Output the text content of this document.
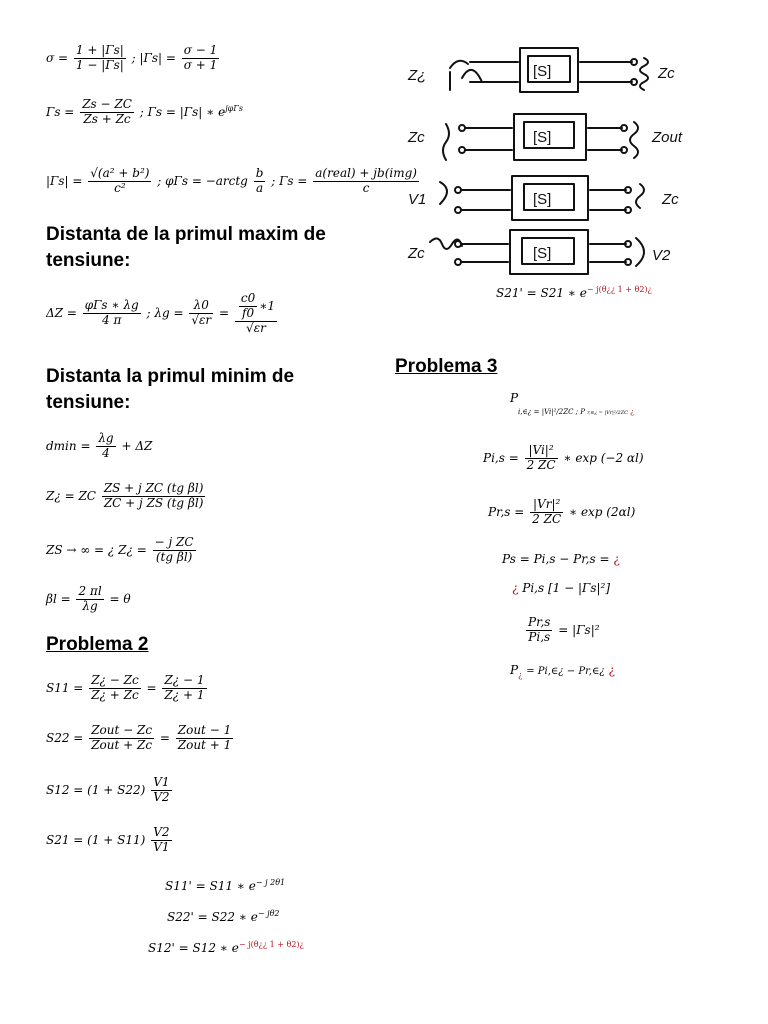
$\sigma = \frac{1 + |\Gamma s|}{1 - |\Gamma s|}$ ; $|\Gamma s| = \frac{\sigma - 1}{\sigma + 1}$
$\Gamma s = \frac{Zs - ZC}{Zs + Zc}$ ; Γs = |Γs| ∗ $e^{j\varphi\Gamma s}$
$|\Gamma s| = \frac{\text{√(a² + b²)}}{\text{c²}}$ ; φΓs = −arctg $\frac{b}{a}$ ; $\Gamma s = \frac{\text{a(real) + jb(img)}}{c}$
Distanta de la primul maxim de tensiune:
$\Delta Z = \frac{\text{φΓs ∗ λg}}{4 \pi}$ ; $\lambda g = \frac{\lambda 0}{√\varepsilon r} = \frac{\frac{c0}{f0} ∗1}{√\varepsilon r}$
Distanta la primul minim de tensiune:
$dmin = \frac{\lambda g}{4} + \Delta Z$
Z¿ = ZC $\frac{\text{ZS + j ZC (tg βl)}}{\text{ZC + j ZS (tg βl)}}$
ZS → ∞ = ¿ Z¿ = $\frac{\text{− j ZC}}{\text{(tg βl)}}$
$\beta l = \frac{2 \pi l}{\lambda g} = \theta$
Problema 2
$S11 = \frac{Z¿ - Zc}{Z¿ + Zc} = \frac{Z¿ - 1}{Z¿ + 1}$
$S22 = \frac{\text{Zout − Zc}}{\text{Zout + Zc}} = \frac{\text{Zout − 1}}{\text{Zout + 1}}$
$S12 = (1 + S22) \frac{V1}{V2}$
$S21 = (1 + S11) \frac{V2}{V1}$
S11' = S11 ∗ $e^{- j 2\theta 1}$
S22' = S22 ∗ $e^{- j\theta 2}$
S12' = S12 ∗ $e^{- j(\theta¿¿ 1 + \theta 2)¿}$
[S]
[S]
[S]
[S]
Z¿	Zc
Zc	Zout
V1	Zc
Zc	V2
S21' = S21 ∗ $e^{- j(\theta¿¿ 1 + \theta 2)¿}$
Problema 3
P
i,∈¿ = |Vi|²/2ZC ; P r,∈¿ = |Vr|²/2ZC ¿
$Pi,s = \frac{\text{|Vi|²}}{2 ZC}$ ∗ exp (−2 αl)
$Pr,s = \frac{\text{|Vr|²}}{2 ZC}$ ∗ exp (2αl)
Ps = Pi,s − Pr,s = ¿
¿ Pi,s [1 − |Γs|²]
$\frac{Pr,s}{Pi,s} = |\Gamma s|^2$
$P_¿$ = Pi,∈¿ − Pr,∈¿ ¿
